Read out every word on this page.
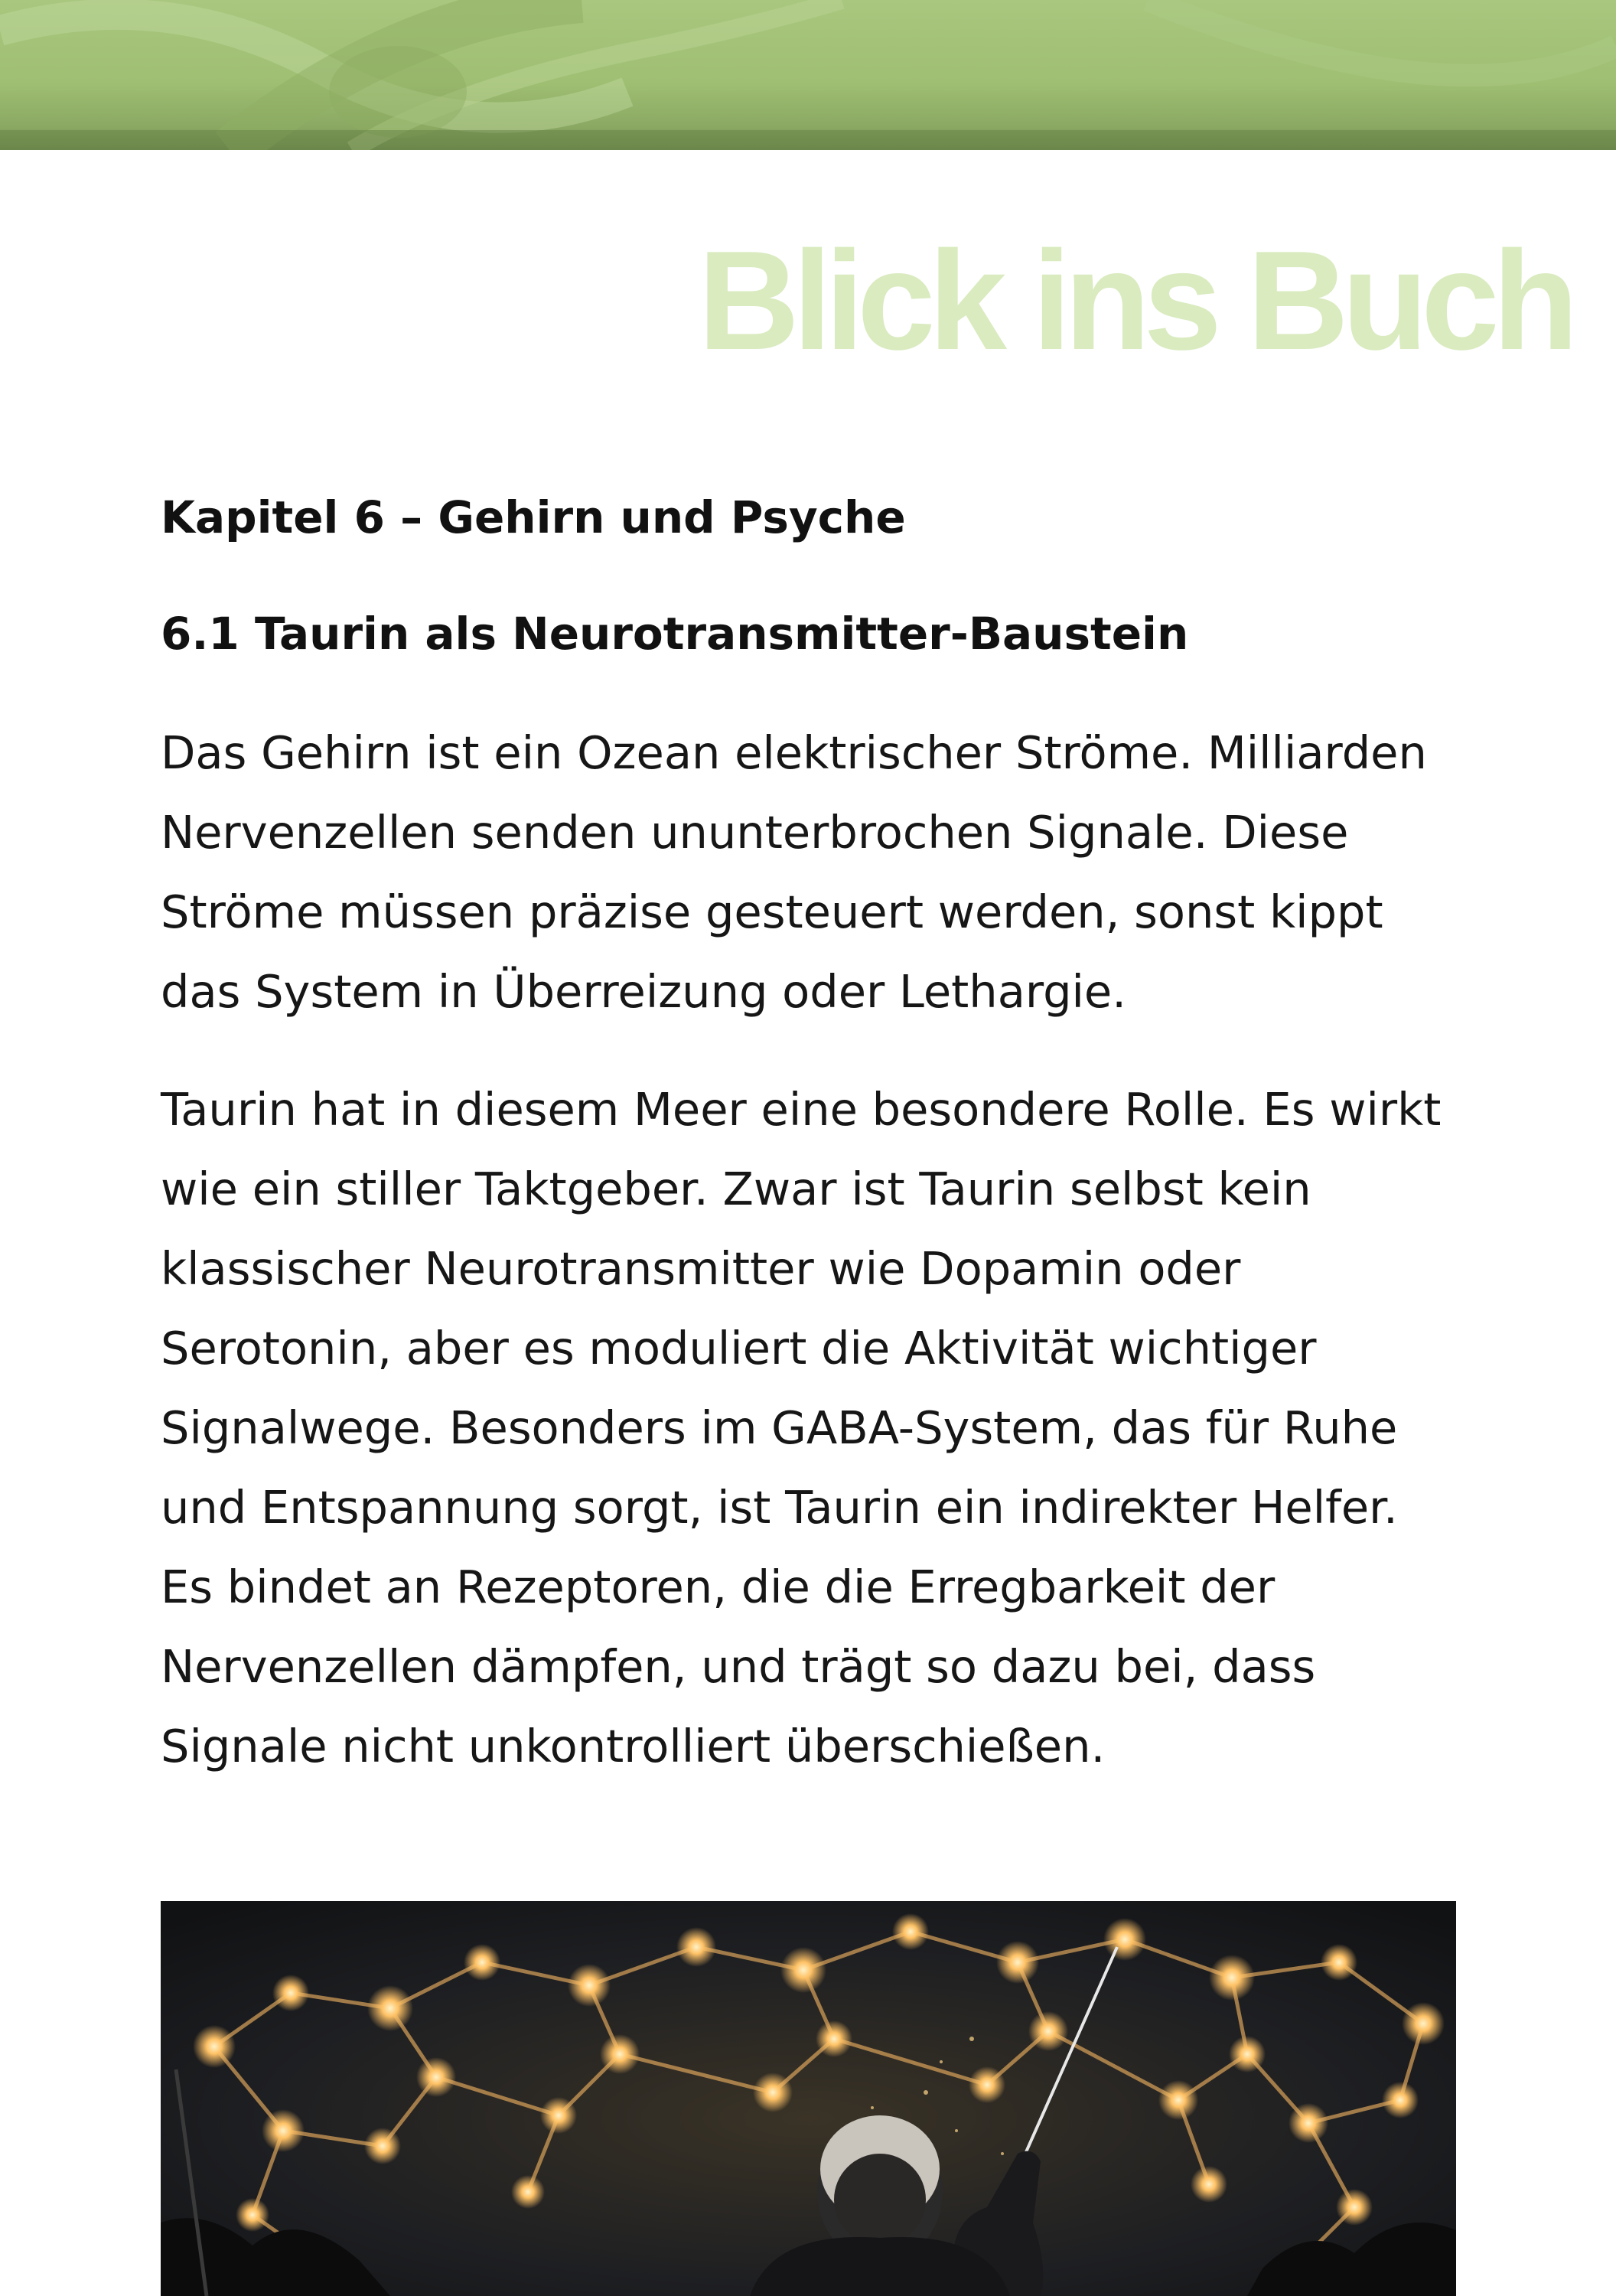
Blick ins Buch

Kapitel 6 – Gehirn und Psyche
6.1 Taurin als Neurotransmitter-Baustein

Das Gehirn ist ein Ozean elektrischer Ströme. Milliarden Nervenzellen senden ununterbrochen Signale. Diese Ströme müssen präzise gesteuert werden, sonst kippt das System in Überreizung oder Lethargie.

Taurin hat in diesem Meer eine besondere Rolle. Es wirkt wie ein stiller Taktgeber. Zwar ist Taurin selbst kein klassischer Neurotransmitter wie Dopamin oder Serotonin, aber es moduliert die Aktivität wichtiger Signalwege. Besonders im GABA-System, das für Ruhe und Entspannung sorgt, ist Taurin ein indirekter Helfer. Es bindet an Rezeptoren, die die Erregbarkeit der Nervenzellen dämpfen, und trägt so dazu bei, dass Signale nicht unkontrolliert überschießen.
